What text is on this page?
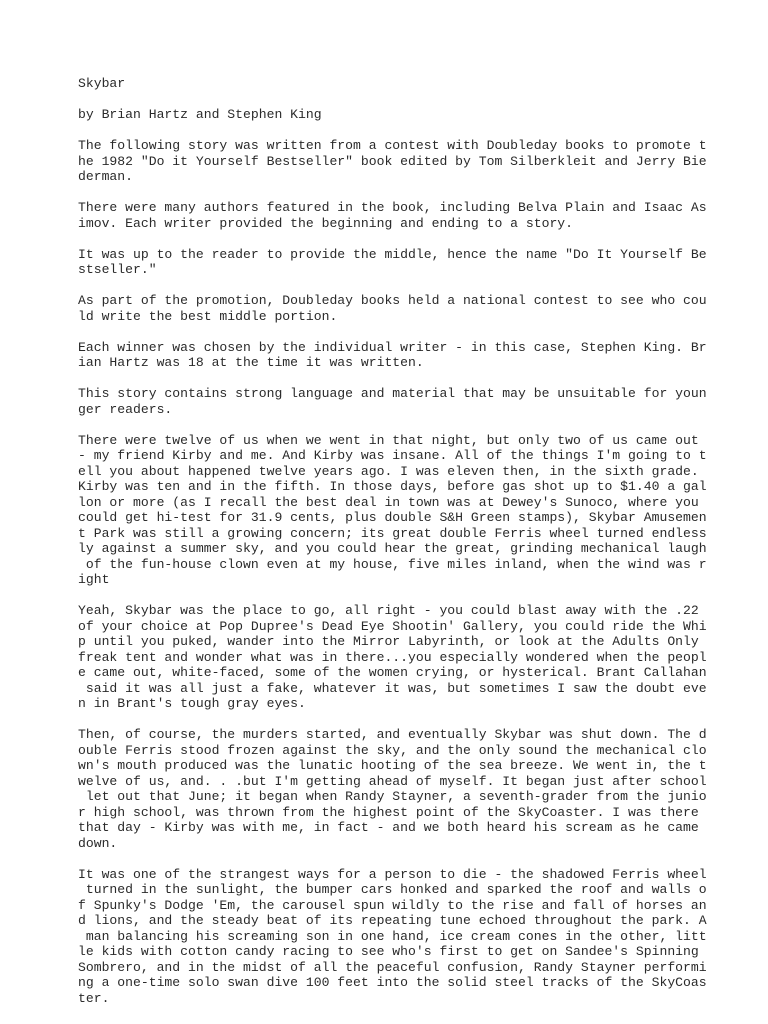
Skybar
by Brian Hartz and Stephen King
The following story was written from a contest with Doubleday books to promote t
he 1982 "Do it Yourself Bestseller" book edited by Tom Silberkleit and Jerry Bie
derman.
There were many authors featured in the book, including Belva Plain and Isaac As
imov. Each writer provided the beginning and ending to a story.
It was up to the reader to provide the middle, hence the name "Do It Yourself Be
stseller."
As part of the promotion, Doubleday books held a national contest to see who cou
ld write the best middle portion.
Each winner was chosen by the individual writer - in this case, Stephen King. Br
ian Hartz was 18 at the time it was written.
This story contains strong language and material that may be unsuitable for youn
ger readers.
There were twelve of us when we went in that night, but only two of us came out
- my friend Kirby and me. And Kirby was insane. All of the things I'm going to t
ell you about happened twelve years ago. I was eleven then, in the sixth grade.
Kirby was ten and in the fifth. In those days, before gas shot up to $1.40 a gal
lon or more (as I recall the best deal in town was at Dewey's Sunoco, where you
could get hi-test for 31.9 cents, plus double S&H Green stamps), Skybar Amusemen
t Park was still a growing concern; its great double Ferris wheel turned endless
ly against a summer sky, and you could hear the great, grinding mechanical laugh
of the fun-house clown even at my house, five miles inland, when the wind was r
ight
Yeah, Skybar was the place to go, all right - you could blast away with the .22
of your choice at Pop Dupree's Dead Eye Shootin' Gallery, you could ride the Whi
p until you puked, wander into the Mirror Labyrinth, or look at the Adults Only
freak tent and wonder what was in there...you especially wondered when the peopl
e came out, white-faced, some of the women crying, or hysterical. Brant Callahan
said it was all just a fake, whatever it was, but sometimes I saw the doubt eve
n in Brant's tough gray eyes.
Then, of course, the murders started, and eventually Skybar was shut down. The d
ouble Ferris stood frozen against the sky, and the only sound the mechanical clo
wn's mouth produced was the lunatic hooting of the sea breeze. We went in, the t
welve of us, and. . .but I'm getting ahead of myself. It began just after school
let out that June; it began when Randy Stayner, a seventh-grader from the junio
r high school, was thrown from the highest point of the SkyCoaster. I was there
that day - Kirby was with me, in fact - and we both heard his scream as he came
down.
It was one of the strangest ways for a person to die - the shadowed Ferris wheel
turned in the sunlight, the bumper cars honked and sparked the roof and walls o
f Spunky's Dodge 'Em, the carousel spun wildly to the rise and fall of horses an
d lions, and the steady beat of its repeating tune echoed throughout the park. A
man balancing his screaming son in one hand, ice cream cones in the other, litt
le kids with cotton candy racing to see who's first to get on Sandee's Spinning
Sombrero, and in the midst of all the peaceful confusion, Randy Stayner performi
ng a one-time solo swan dive 100 feet into the solid steel tracks of the SkyCoas
ter.
